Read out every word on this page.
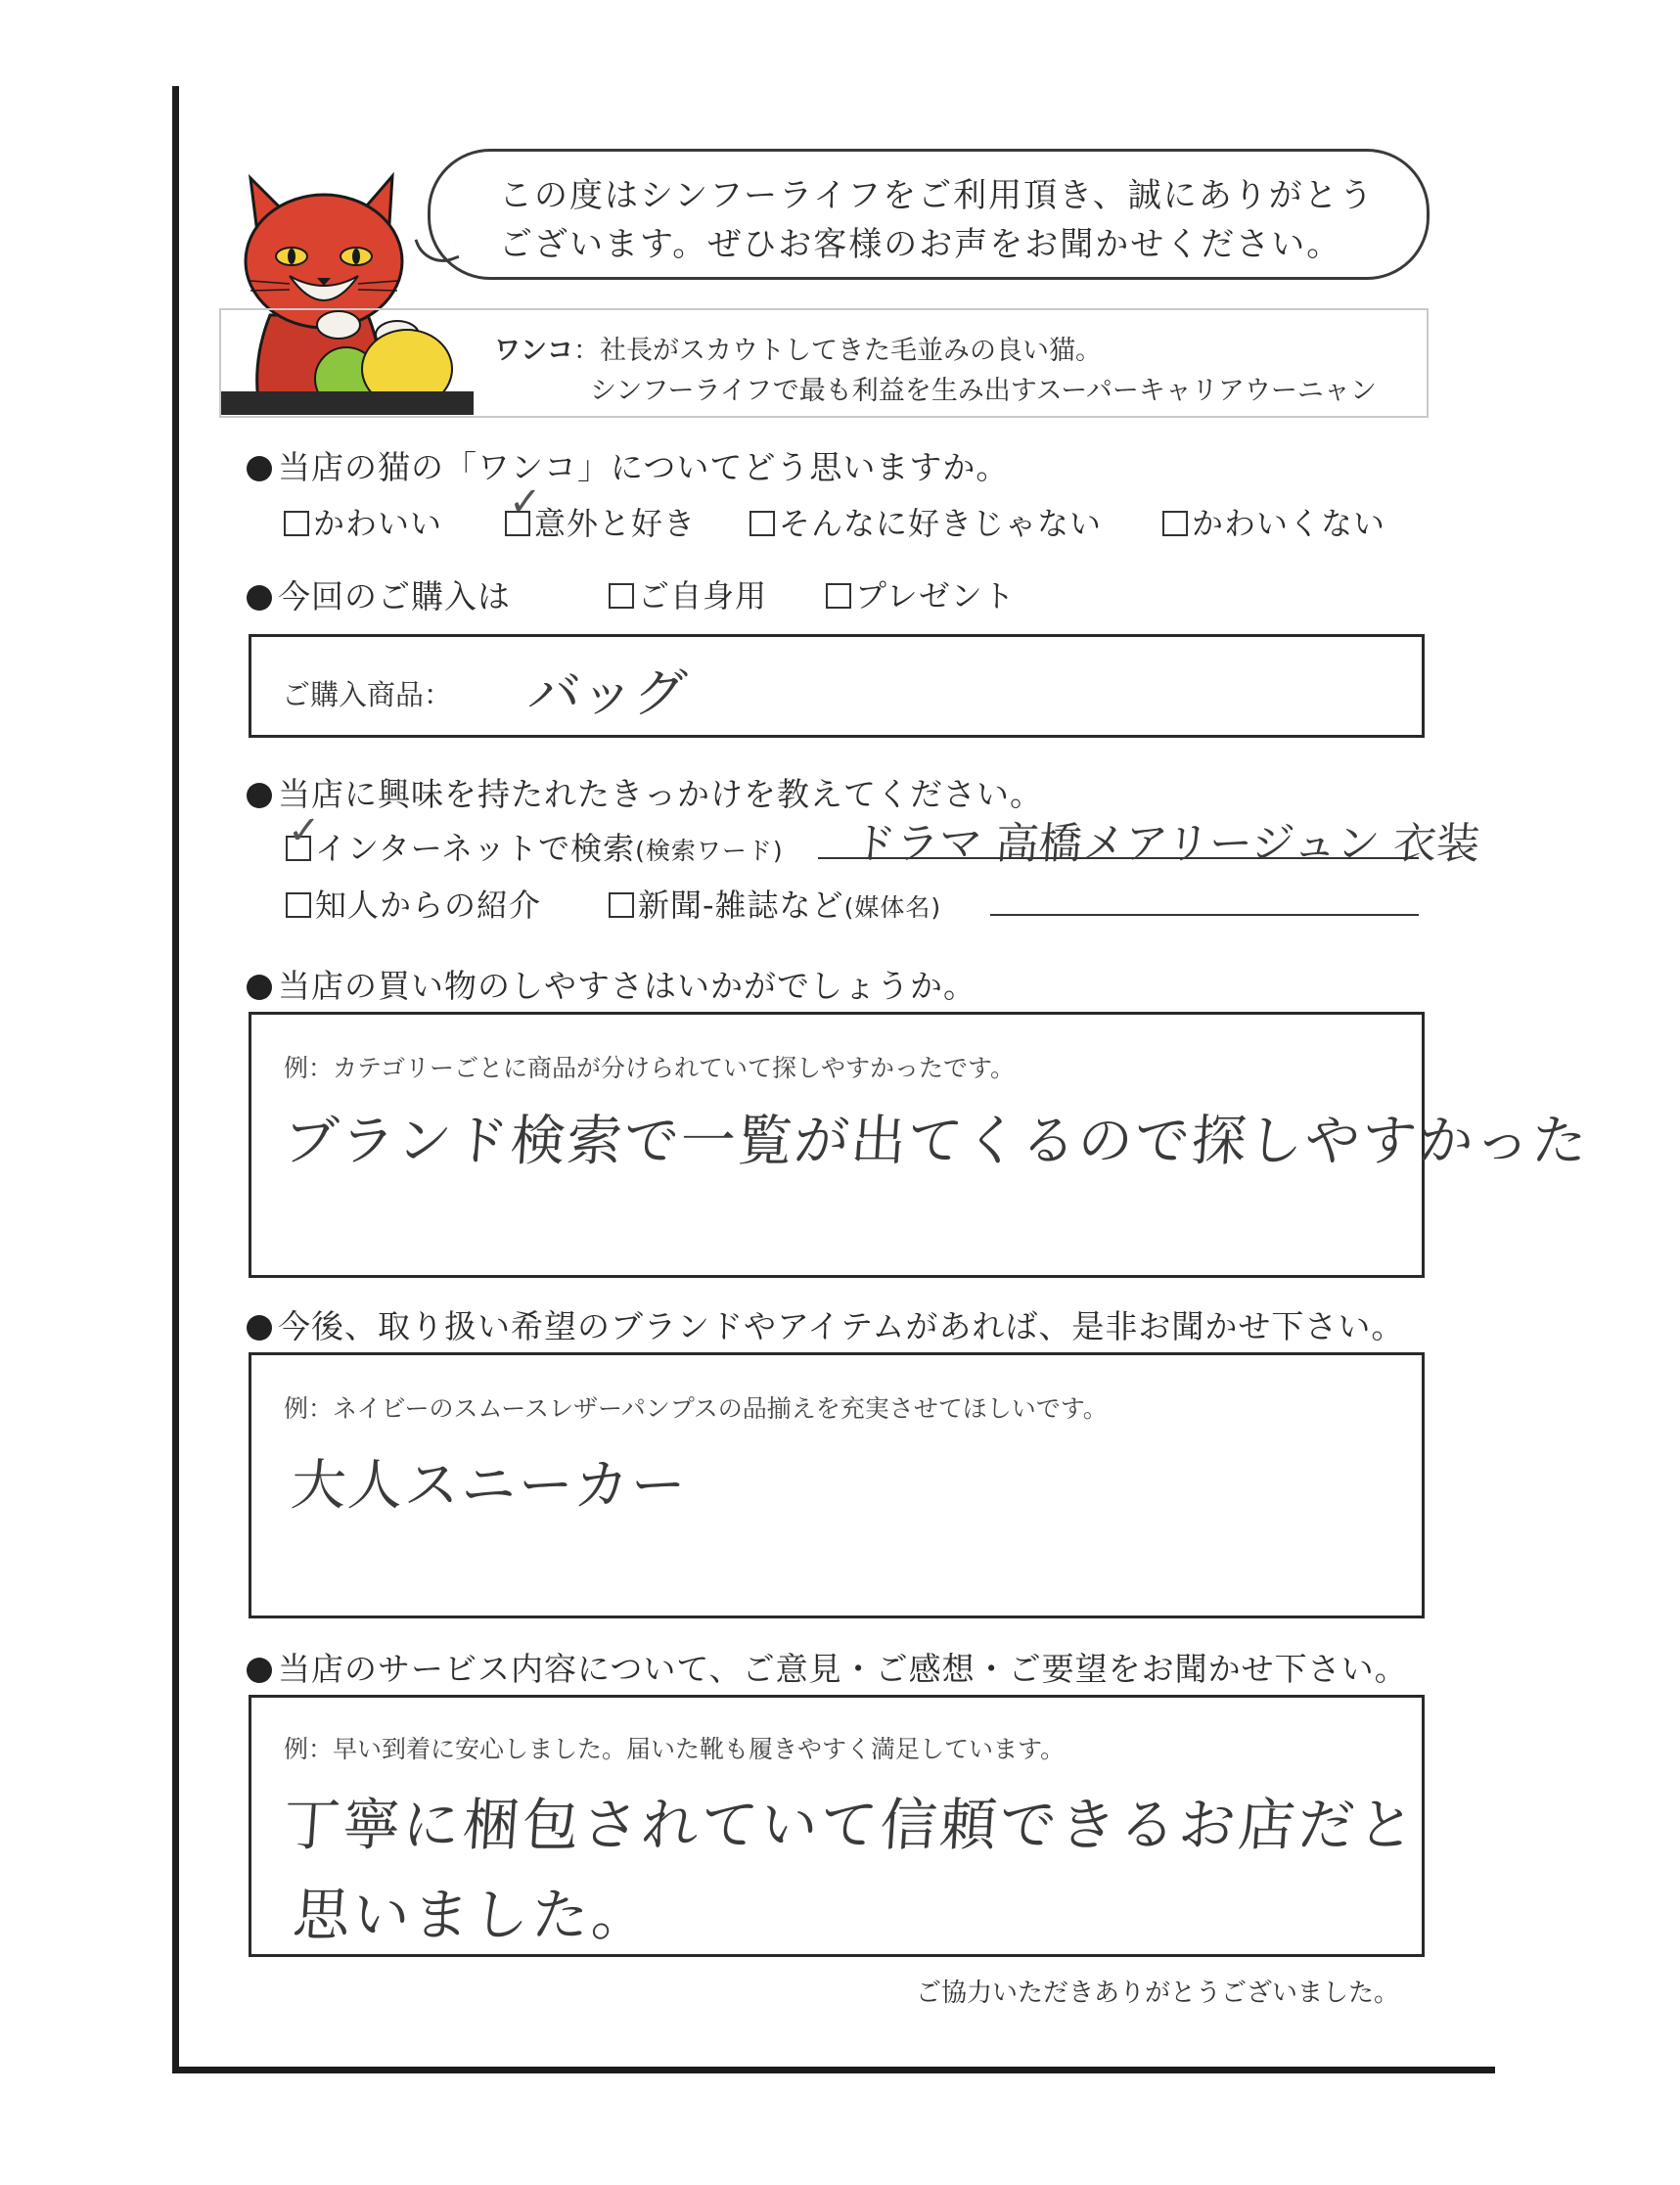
この度はシンフーライフをご利用頂き、誠にありがとう
ございます。ぜひお客様のお声をお聞かせください。
ワンコ：社長がスカウトしてきた毛並みの良い猫。
シンフーライフで最も利益を生み出すスーパーキャリアウーニャン
当店の猫の「ワンコ」についてどう思いますか。
かわいい	意外と好き
✓	そんなに好きじゃない	かわいくない
今回のご購入は	ご自身用	プレゼント
ご購入商品： バッグ
当店に興味を持たれたきっかけを教えてください。
インターネットで検索(検索ワード)
✓	ドラマ 高橋メアリージュン 衣装
知人からの紹介	新聞-雑誌など(媒体名)
当店の買い物のしやすさはいかがでしょうか。
例：カテゴリーごとに商品が分けられていて探しやすかったです。
ブランド検索で一覧が出てくるので探しやすかった
今後、取り扱い希望のブランドやアイテムがあれば、是非お聞かせ下さい。
例：ネイビーのスムースレザーパンプスの品揃えを充実させてほしいです。
大人スニーカー
当店のサービス内容について、ご意見・ご感想・ご要望をお聞かせ下さい。
例：早い到着に安心しました。届いた靴も履きやすく満足しています。
丁寧に梱包されていて信頼できるお店だと
思いました。
ご協力いただきありがとうございました。
